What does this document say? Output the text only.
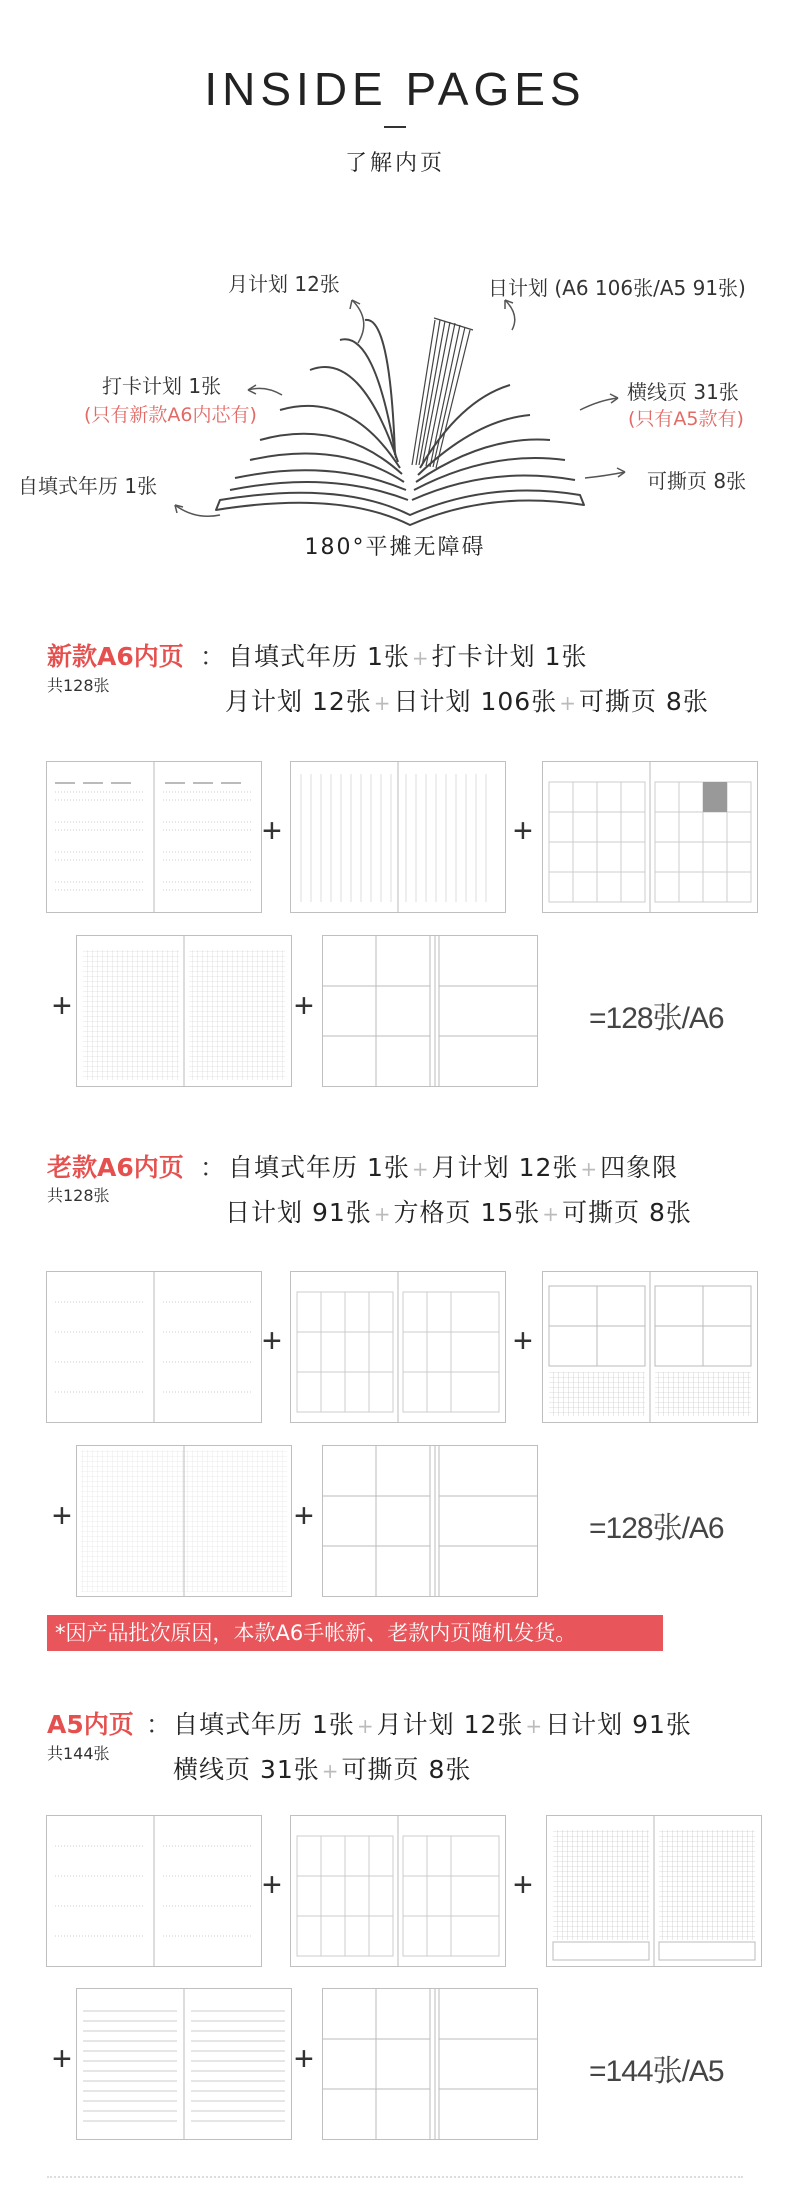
INSIDE PAGES
了解内页
月计划 12张	日计划 (A6 106张/A5 91张)
打卡计划 1张
(只有新款A6内芯有)
横线页 31张
(只有A5款有)
自填式年历 1张	可撕页 8张
180°平摊无障碍
新款A6内页 ：
共128张
自填式年历 1张 +打卡计划 1张
月计划 12张 +日计划 106张 +可撕页 8张
+	+
+	+	=128张/A6
老款A6内页 ：
共128张
自填式年历 1张 +月计划 12张 +四象限
日计划 91张 +方格页 15张 +可撕页 8张
+	+
+	+	=128张/A6
*因产品批次原因，本款A6手帐新、老款内页随机发货。
A5内页 ：
共144张
自填式年历 1张 +月计划 12张 +日计划 91张
横线页 31张 +可撕页 8张
+	+
+	+	=144张/A5
